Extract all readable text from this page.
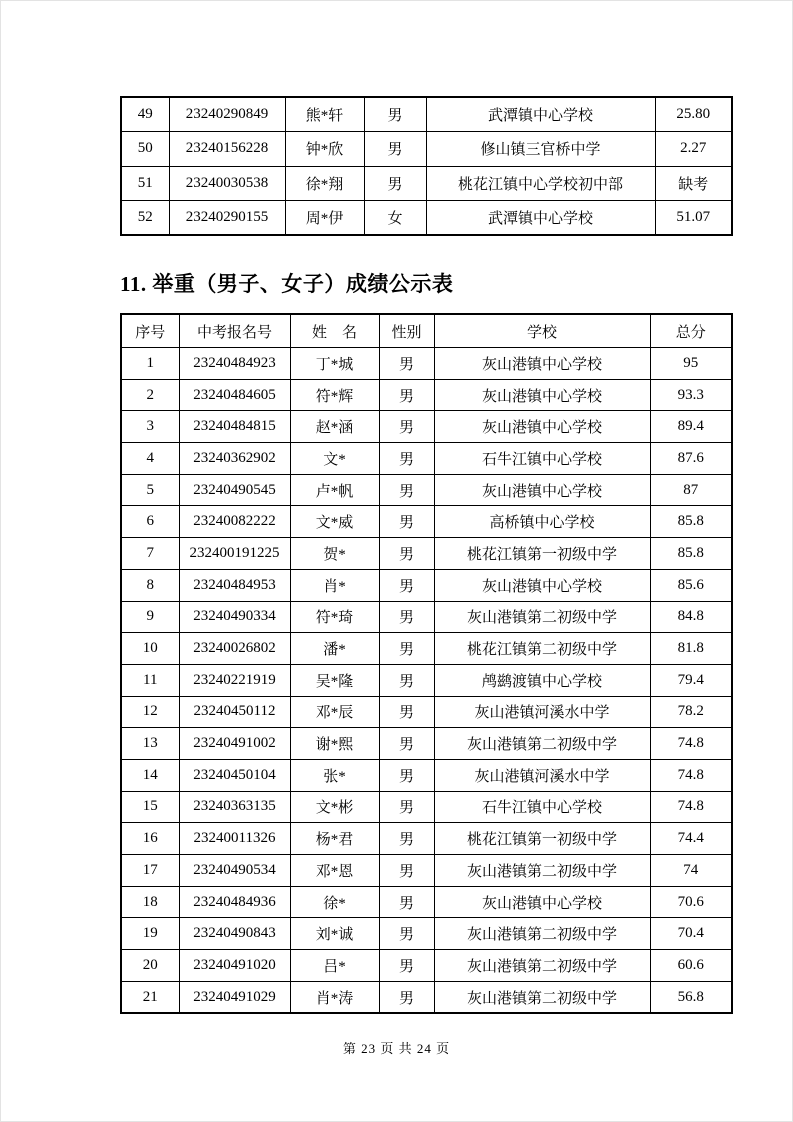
49	23240290849	熊*轩	男	武潭镇中心学校	25.80
50	23240156228	钟*欣	男	修山镇三官桥中学	2.27
51	23240030538	徐*翔	男	桃花江镇中心学校初中部	缺考
52	23240290155	周*伊	女	武潭镇中心学校	51.07
11. 举重（男子、女子）成绩公示表
序号	中考报名号	姓　名	性别	学校	总分
1	23240484923	丁*城	男	灰山港镇中心学校	95
2	23240484605	符*辉	男	灰山港镇中心学校	93.3
3	23240484815	赵*涵	男	灰山港镇中心学校	89.4
4	23240362902	文*	男	石牛江镇中心学校	87.6
5	23240490545	卢*帆	男	灰山港镇中心学校	87
6	23240082222	文*威	男	高桥镇中心学校	85.8
7	232400191225	贺*	男	桃花江镇第一初级中学	85.8
8	23240484953	肖*	男	灰山港镇中心学校	85.6
9	23240490334	符*琦	男	灰山港镇第二初级中学	84.8
10	23240026802	潘*	男	桃花江镇第二初级中学	81.8
11	23240221919	吴*隆	男	鸬鹚渡镇中心学校	79.4
12	23240450112	邓*辰	男	灰山港镇河溪水中学	78.2
13	23240491002	谢*熙	男	灰山港镇第二初级中学	74.8
14	23240450104	张*	男	灰山港镇河溪水中学	74.8
15	23240363135	文*彬	男	石牛江镇中心学校	74.8
16	23240011326	杨*君	男	桃花江镇第一初级中学	74.4
17	23240490534	邓*恩	男	灰山港镇第二初级中学	74
18	23240484936	徐*	男	灰山港镇中心学校	70.6
19	23240490843	刘*诚	男	灰山港镇第二初级中学	70.4
20	23240491020	吕*	男	灰山港镇第二初级中学	60.6
21	23240491029	肖*涛	男	灰山港镇第二初级中学	56.8
第 23 页 共 24 页
